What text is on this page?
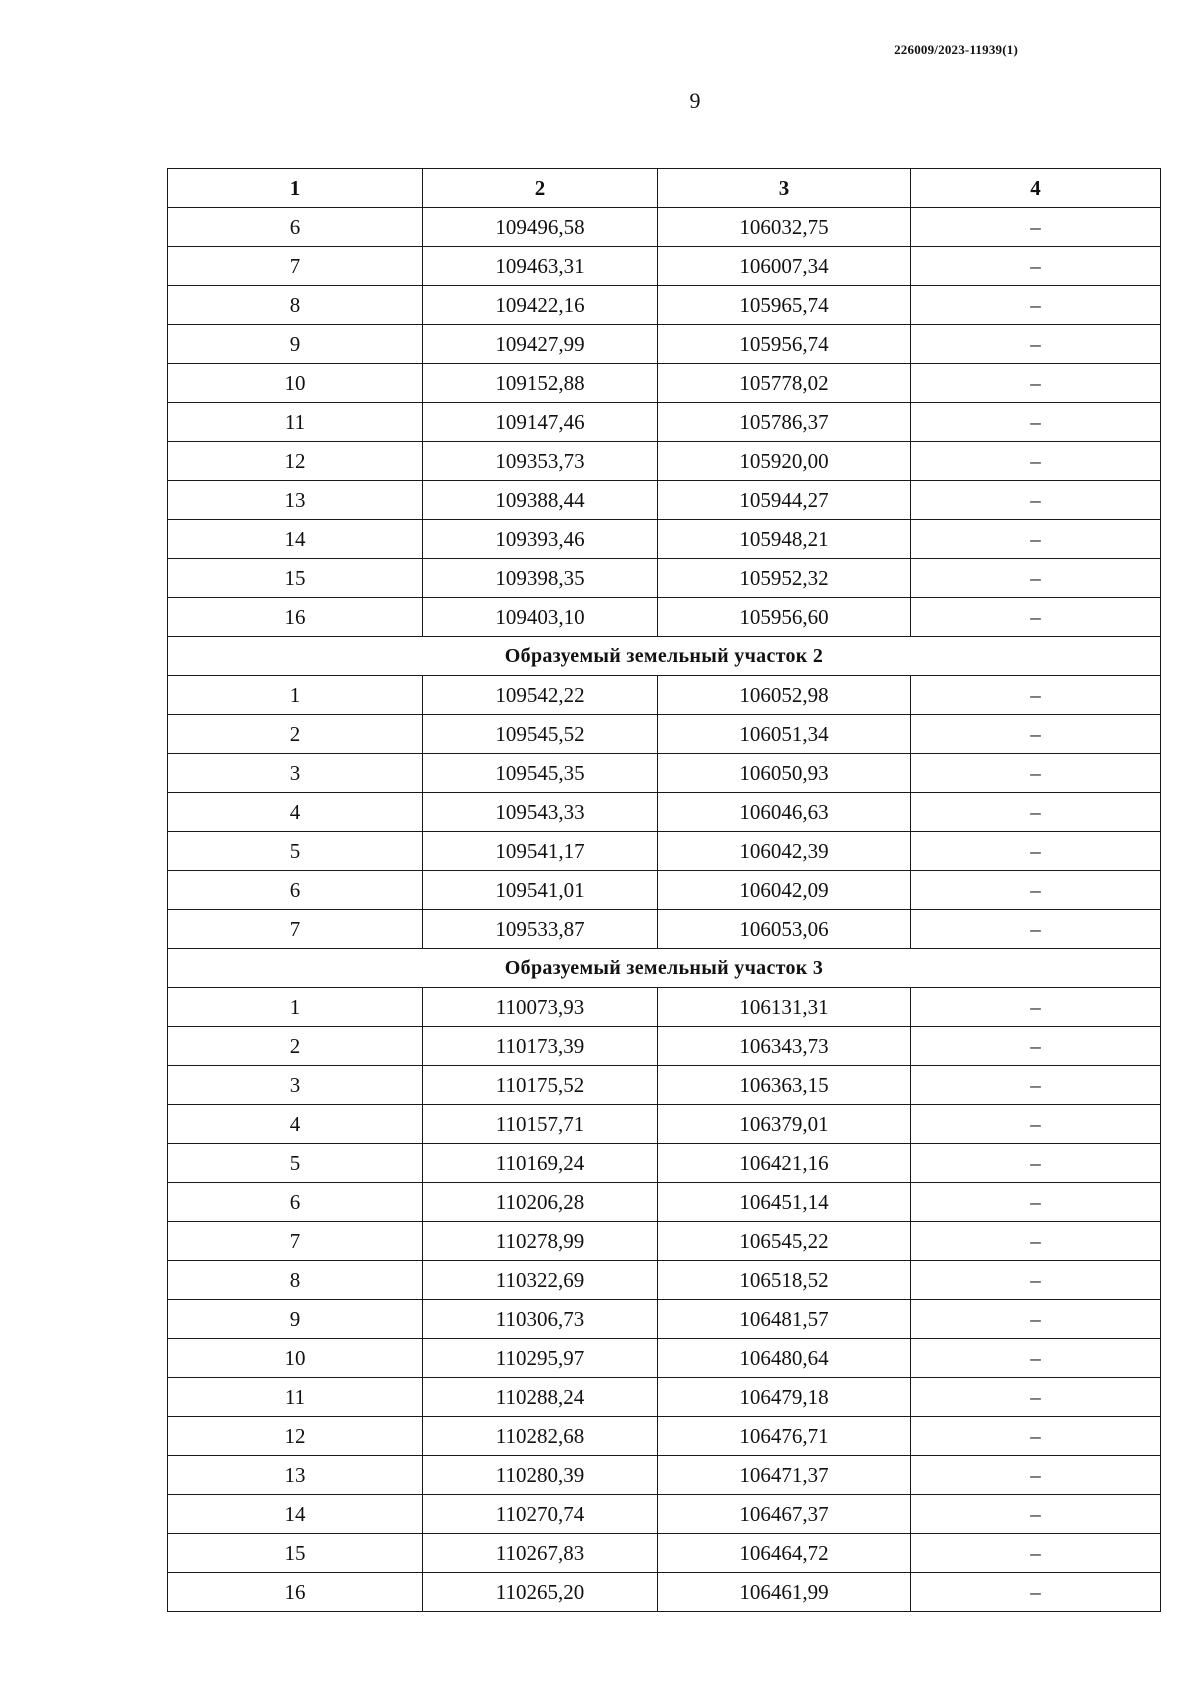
226009/2023-11939(1)
9
1	2	3	4
6	109496,58	106032,75	–
7	109463,31	106007,34	–
8	109422,16	105965,74	–
9	109427,99	105956,74	–
10	109152,88	105778,02	–
11	109147,46	105786,37	–
12	109353,73	105920,00	–
13	109388,44	105944,27	–
14	109393,46	105948,21	–
15	109398,35	105952,32	–
16	109403,10	105956,60	–
Образуемый земельный участок 2			
1	109542,22	106052,98	–
2	109545,52	106051,34	–
3	109545,35	106050,93	–
4	109543,33	106046,63	–
5	109541,17	106042,39	–
6	109541,01	106042,09	–
7	109533,87	106053,06	–
Образуемый земельный участок 3			
1	110073,93	106131,31	–
2	110173,39	106343,73	–
3	110175,52	106363,15	–
4	110157,71	106379,01	–
5	110169,24	106421,16	–
6	110206,28	106451,14	–
7	110278,99	106545,22	–
8	110322,69	106518,52	–
9	110306,73	106481,57	–
10	110295,97	106480,64	–
11	110288,24	106479,18	–
12	110282,68	106476,71	–
13	110280,39	106471,37	–
14	110270,74	106467,37	–
15	110267,83	106464,72	–
16	110265,20	106461,99	–
